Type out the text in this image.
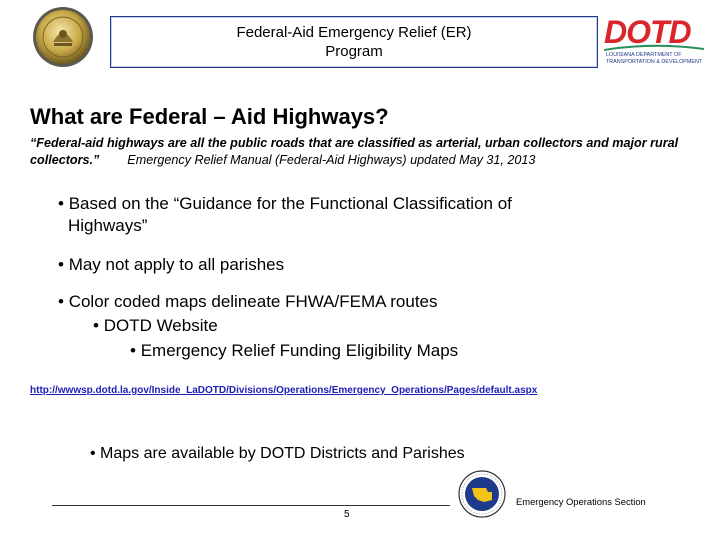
Federal-Aid Emergency Relief (ER)
Program
DOTD
LOUISIANA DEPARTMENT OF TRANSPORTATION & DEVELOPMENT
What are Federal – Aid Highways?
“Federal-aid highways are all the public roads that are classified as arterial, urban collectors and major rural collectors.” Emergency Relief Manual (Federal-Aid Highways) updated May 31, 2013
• Based on the “Guidance for the Functional Classification of
Highways”
• May not apply to all parishes
• Color coded maps delineate FHWA/FEMA routes
• DOTD Website
• Emergency Relief Funding Eligibility Maps
http://wwwsp.dotd.la.gov/Inside_LaDOTD/Divisions/Operations/Emergency_Operations/Pages/default.aspx
• Maps are available by DOTD Districts and Parishes
5
Emergency Operations Section
